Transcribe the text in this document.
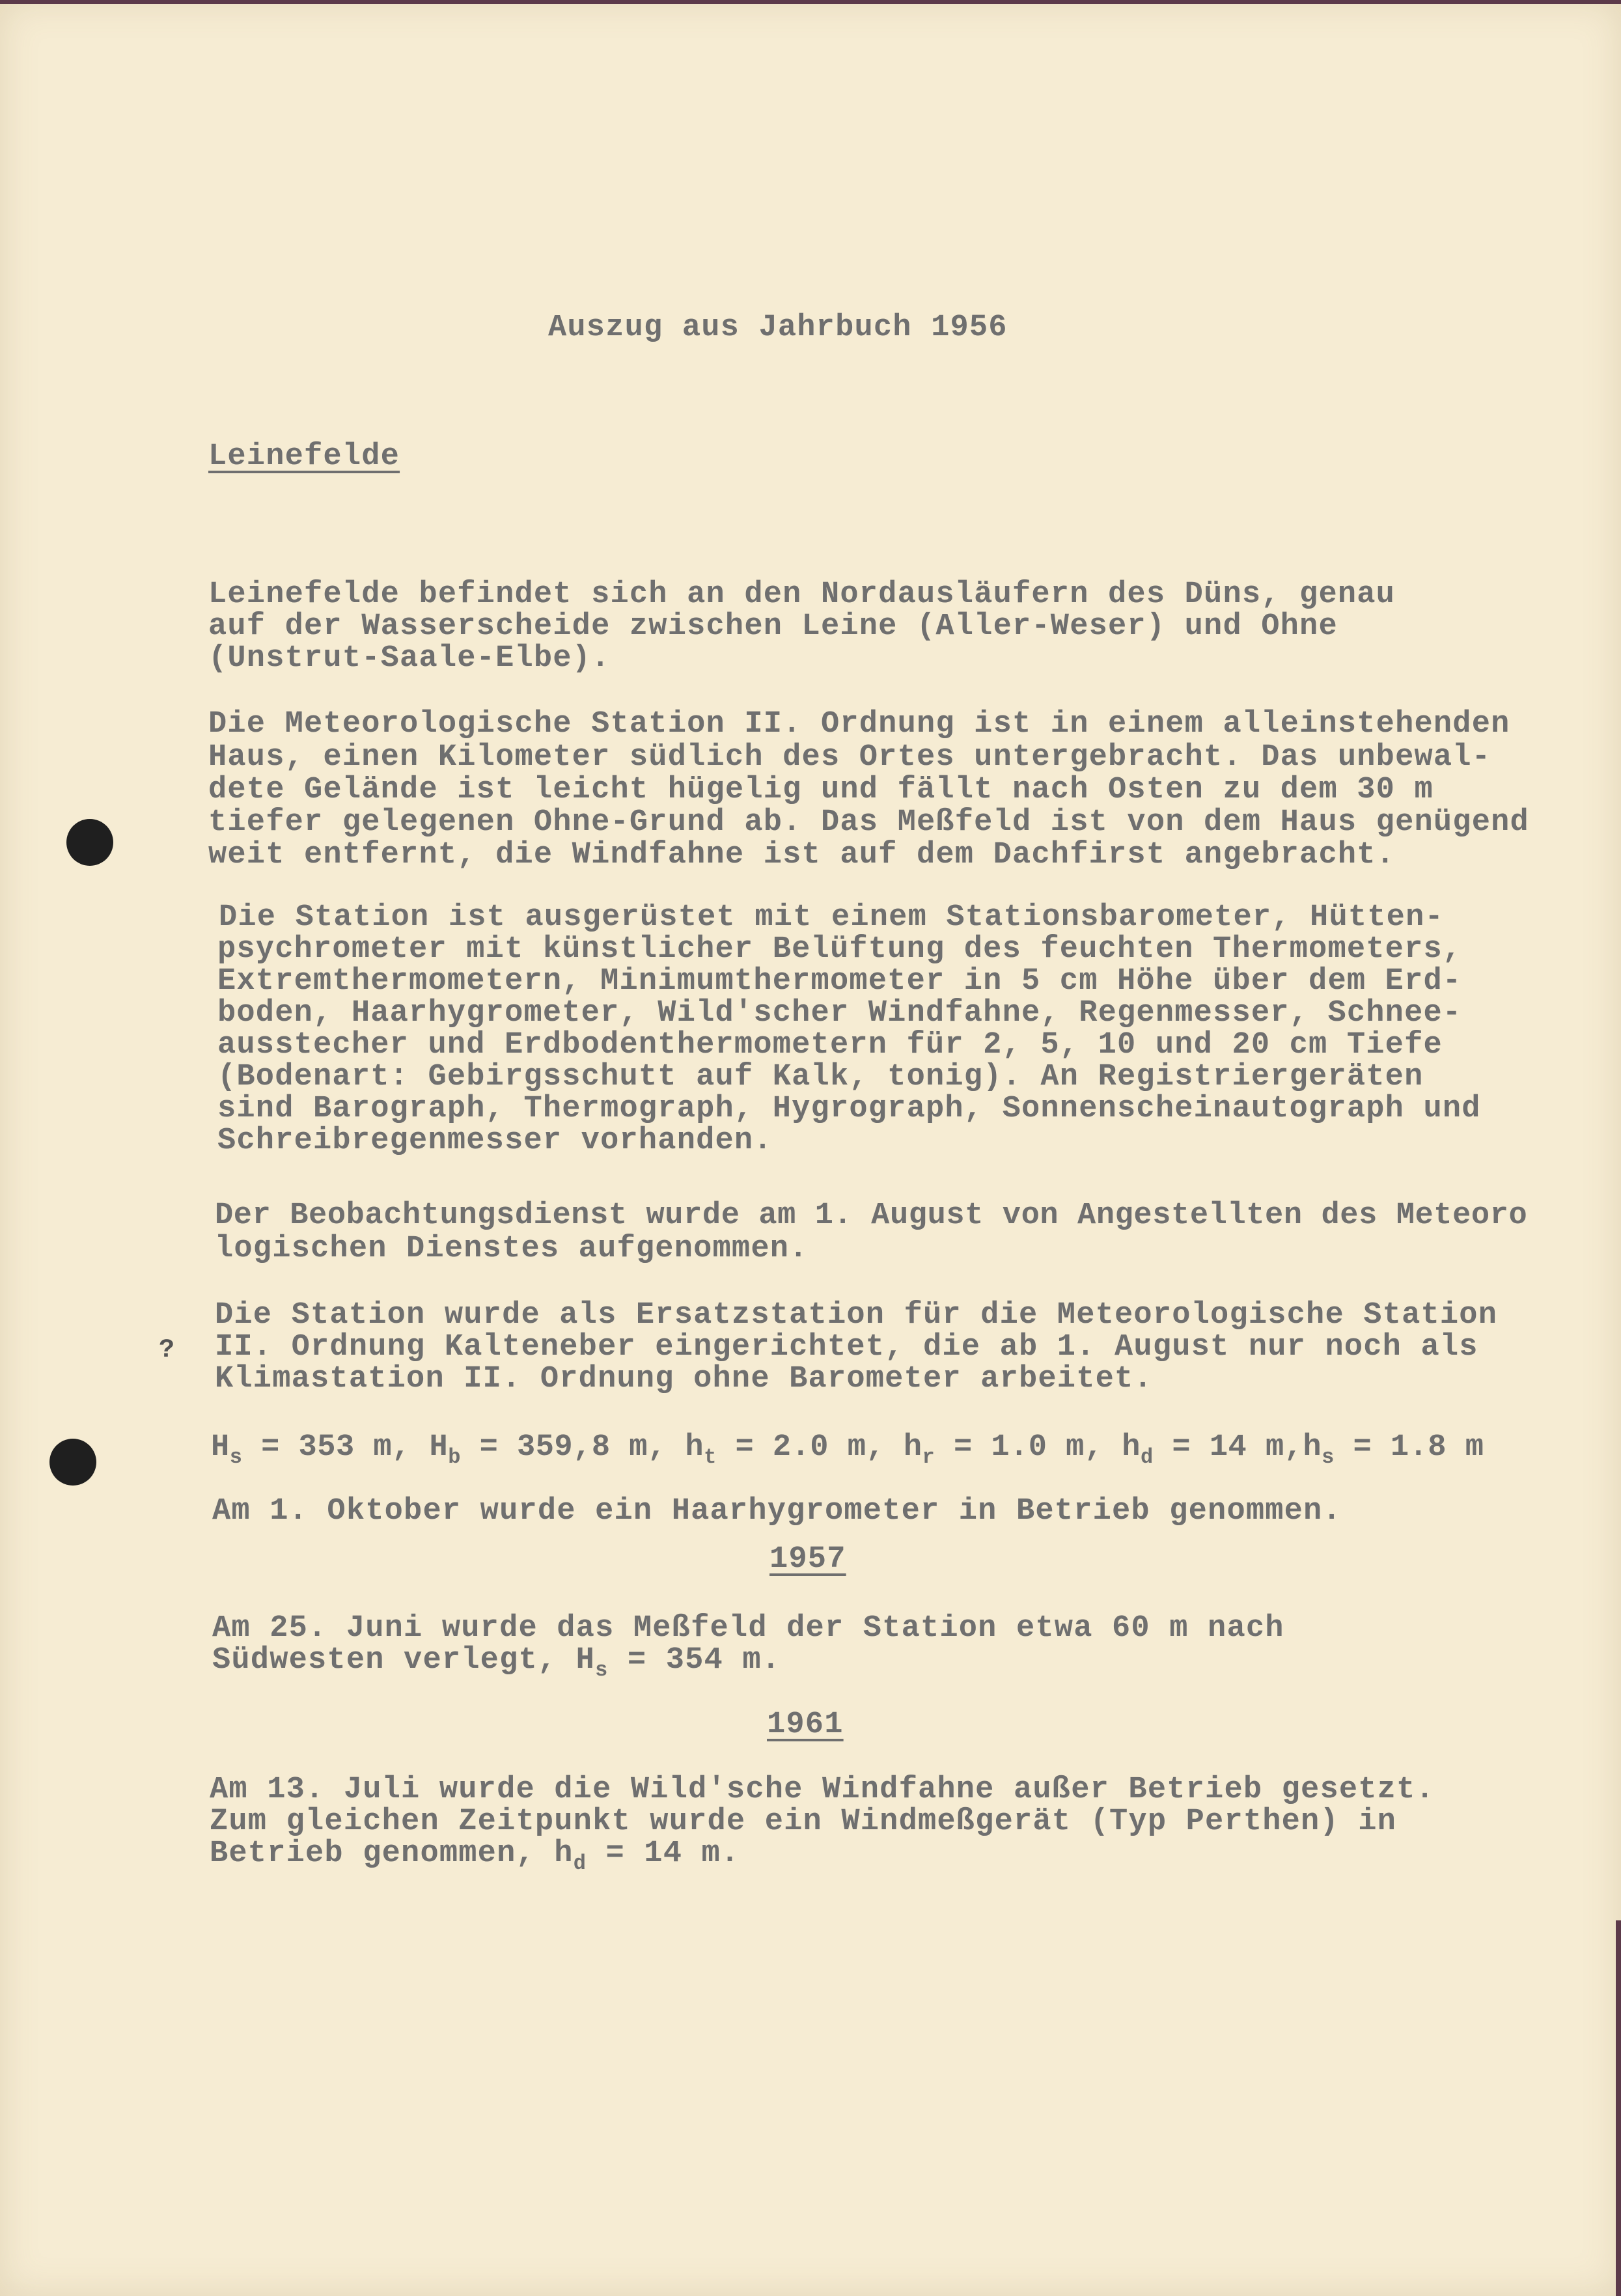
Auszug aus Jahrbuch 1956
Leinefelde
Leinefelde befindet sich an den Nordausläufern des Düns, genau
auf der Wasserscheide zwischen Leine (Aller-Weser) und Ohne
(Unstrut-Saale-Elbe).
Die Meteorologische Station II. Ordnung ist in einem alleinstehenden
Haus, einen Kilometer südlich des Ortes untergebracht. Das unbewal-
dete Gelände ist leicht hügelig und fällt nach Osten zu dem 30 m
tiefer gelegenen Ohne-Grund ab. Das Meßfeld ist von dem Haus genügend
weit entfernt, die Windfahne ist auf dem Dachfirst angebracht.
Die Station ist ausgerüstet mit einem Stationsbarometer, Hütten-
psychrometer mit künstlicher Belüftung des feuchten Thermometers,
Extremthermometern, Minimumthermometer in 5 cm Höhe über dem Erd-
boden, Haarhygrometer, Wild'scher Windfahne, Regenmesser, Schnee-
ausstecher und Erdbodenthermometern für 2, 5, 10 und 20 cm Tiefe
(Bodenart: Gebirgsschutt auf Kalk, tonig). An Registriergeräten
sind Barograph, Thermograph, Hygrograph, Sonnenscheinautograph und
Schreibregenmesser vorhanden.
Der Beobachtungsdienst wurde am 1. August von Angestellten des Meteoro
logischen Dienstes aufgenommen.
Die Station wurde als Ersatzstation für die Meteorologische Station
II. Ordnung Kalteneber eingerichtet, die ab 1. August nur noch als
Klimastation II. Ordnung ohne Barometer arbeitet.
?
$H_s = 353$ m, $H_b = 359,8$ m, $h_t = 2.0$ m, $h_r = 1.0$ m, $h_d = 14$ $m,h_s = 1.8$ m
Am 1. Oktober wurde ein Haarhygrometer in Betrieb genommen.
1957
Am 25. Juni wurde das Meßfeld der Station etwa 60 m nach
Südwesten verlegt, $H_s = 354$ m.
1961
Am 13. Juli wurde die Wild'sche Windfahne außer Betrieb gesetzt.
Zum gleichen Zeitpunkt wurde ein Windmeßgerät (Typ Perthen) in
Betrieb genommen, $h_d = 14$ m.
